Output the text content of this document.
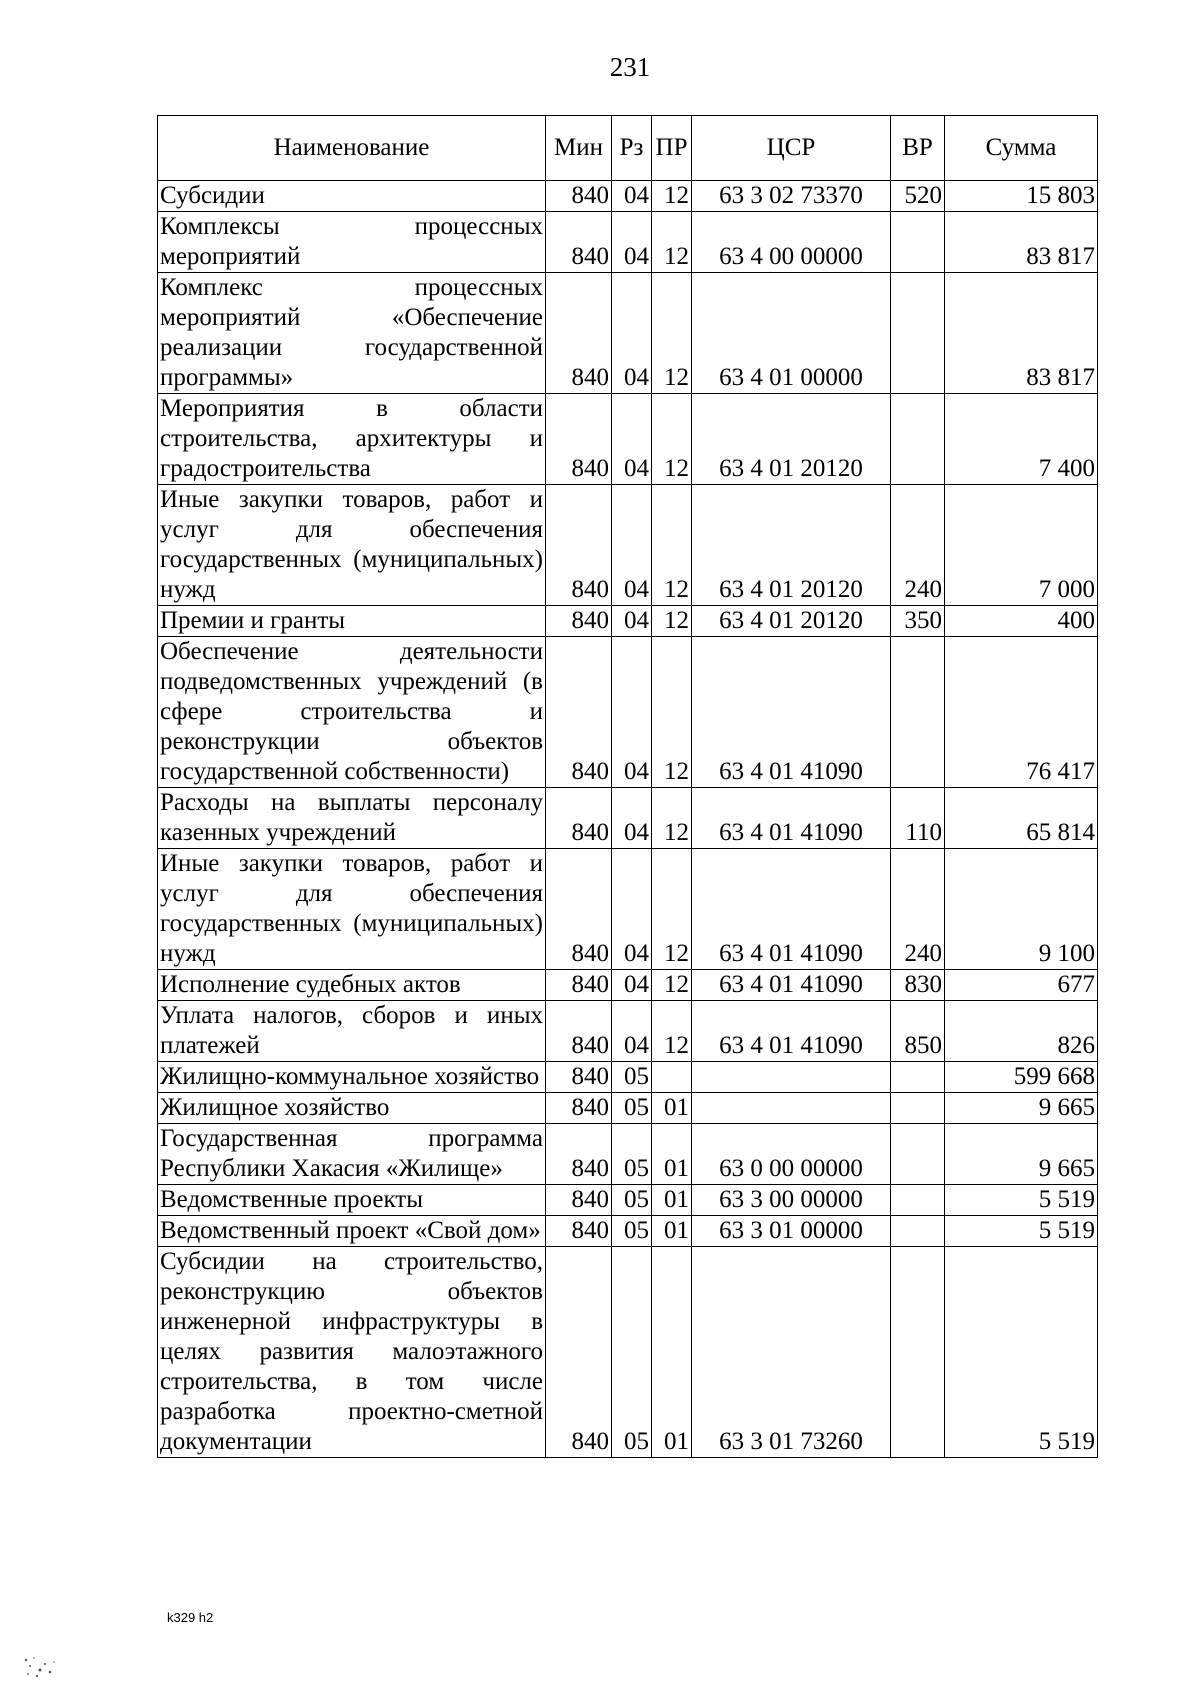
231
Наименование	Мин	Рз	ПР	ЦСР	ВР	Сумма
Субсидии	840	04	12	63 3 02 73370	520	15 803
Комплексы процессных мероприятий	840	04	12	63 4 00 00000		83 817
Комплекс процессных мероприятий «Обеспечение реализации государственной программы»	840	04	12	63 4 01 00000		83 817
Мероприятия в области строительства, архитектуры и градостроительства	840	04	12	63 4 01 20120		7 400
Иные закупки товаров, работ и услуг для обеспечения государственных (муниципальных) нужд	840	04	12	63 4 01 20120	240	7 000
Премии и гранты	840	04	12	63 4 01 20120	350	400
Обеспечение деятельности подведомственных учреждений (в сфере строительства и реконструкции объектов государственной собственности)	840	04	12	63 4 01 41090		76 417
Расходы на выплаты персоналу казенных учреждений	840	04	12	63 4 01 41090	110	65 814
Иные закупки товаров, работ и услуг для обеспечения государственных (муниципальных) нужд	840	04	12	63 4 01 41090	240	9 100
Исполнение судебных актов	840	04	12	63 4 01 41090	830	677
Уплата налогов, сборов и иных платежей	840	04	12	63 4 01 41090	850	826
Жилищно-коммунальное хозяйство	840	05				599 668
Жилищное хозяйство	840	05	01			9 665
Государственная программа Республики Хакасия «Жилище»	840	05	01	63 0 00 00000		9 665
Ведомственные проекты	840	05	01	63 3 00 00000		5 519
Ведомственный проект «Свой дом»	840	05	01	63 3 01 00000		5 519
Субсидии на строительство, реконструкцию объектов инженерной инфраструктуры в целях развития малоэтажного строительства, в том числе разработка проектно-сметной документации	840	05	01	63 3 01 73260		5 519
k329 h2
